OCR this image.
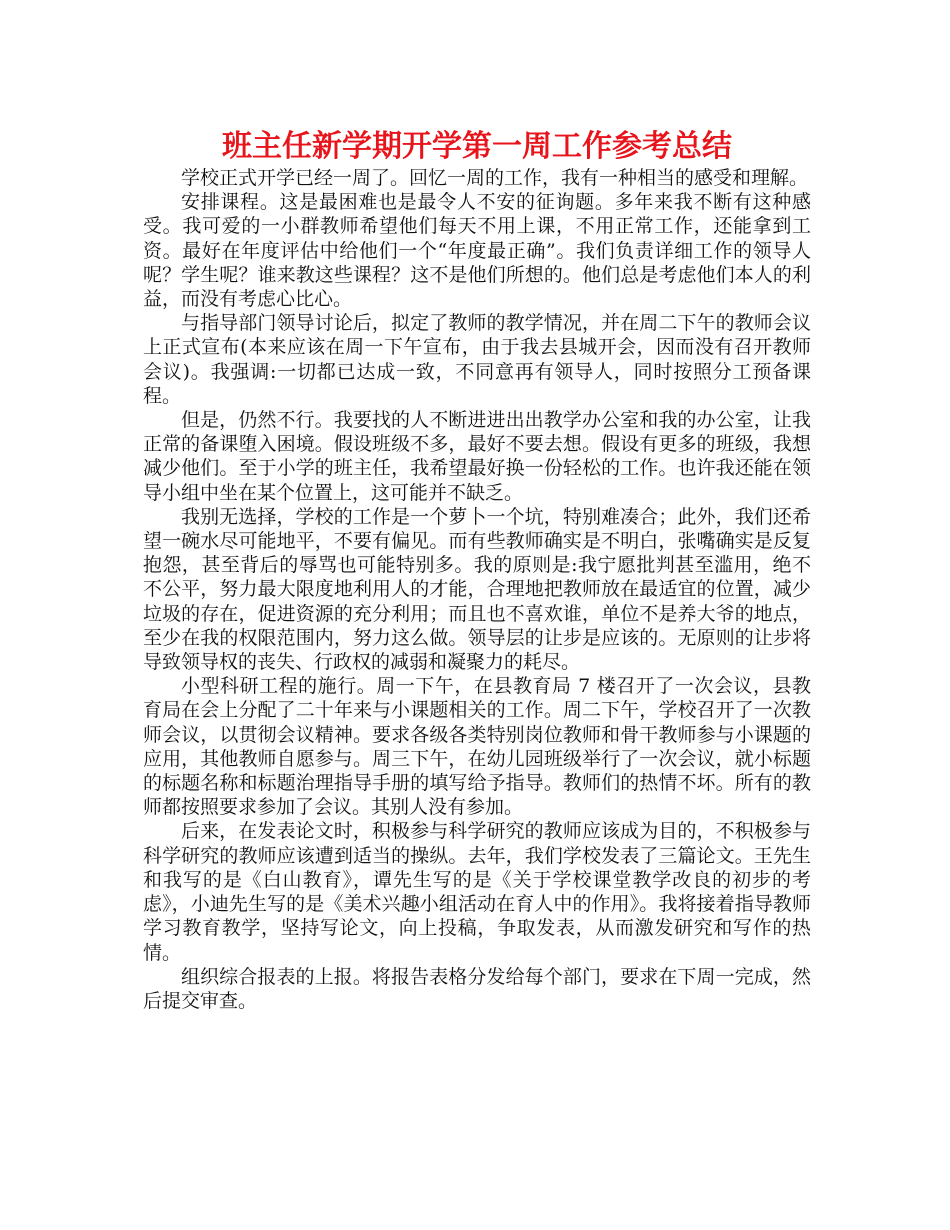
班主任新学期开学第一周工作参考总结

学校正式开学已经一周了。回忆一周的工作，我有一种相当的感受和理解。

安排课程。这是最困难也是最令人不安的征询题。多年来我不断有这种感受。我可爱的一小群教师希望他们每天不用上课，不用正常工作，还能拿到工资。最好在年度评估中给他们一个“年度最正确”。我们负责详细工作的领导人呢？学生呢？谁来教这些课程？这不是他们所想的。他们总是考虑他们本人的利益，而没有考虑心比心。

与指导部门领导讨论后，拟定了教师的教学情况，并在周二下午的教师会议上正式宣布(本来应该在周一下午宣布，由于我去县城开会，因而没有召开教师会议)。我强调:一切都已达成一致，不同意再有领导人，同时按照分工预备课程。

但是，仍然不行。我要找的人不断进进出出教学办公室和我的办公室，让我正常的备课堕入困境。假设班级不多，最好不要去想。假设有更多的班级，我想减少他们。至于小学的班主任，我希望最好换一份轻松的工作。也许我还能在领导小组中坐在某个位置上，这可能并不缺乏。

我别无选择，学校的工作是一个萝卜一个坑，特别难凑合；此外，我们还希望一碗水尽可能地平，不要有偏见。而有些教师确实是不明白，张嘴确实是反复抱怨，甚至背后的辱骂也可能特别多。我的原则是:我宁愿批判甚至滥用，绝不不公平，努力最大限度地利用人的才能，合理地把教师放在最适宜的位置，减少垃圾的存在，促进资源的充分利用；而且也不喜欢谁，单位不是养大爷的地点，至少在我的权限范围内，努力这么做。领导层的让步是应该的。无原则的让步将导致领导权的丧失、行政权的减弱和凝聚力的耗尽。

小型科研工程的施行。周一下午，在县教育局 7 楼召开了一次会议，县教育局在会上分配了二十年来与小课题相关的工作。周二下午，学校召开了一次教师会议，以贯彻会议精神。要求各级各类特别岗位教师和骨干教师参与小课题的应用，其他教师自愿参与。周三下午，在幼儿园班级举行了一次会议，就小标题的标题名称和标题治理指导手册的填写给予指导。教师们的热情不坏。所有的教师都按照要求参加了会议。其别人没有参加。

后来，在发表论文时，积极参与科学研究的教师应该成为目的，不积极参与科学研究的教师应该遭到适当的操纵。去年，我们学校发表了三篇论文。王先生和我写的是《白山教育》，谭先生写的是《关于学校课堂教学改良的初步的考虑》，小迪先生写的是《美术兴趣小组活动在育人中的作用》。我将接着指导教师学习教育教学，坚持写论文，向上投稿，争取发表，从而激发研究和写作的热情。

组织综合报表的上报。将报告表格分发给每个部门，要求在下周一完成，然后提交审查。
